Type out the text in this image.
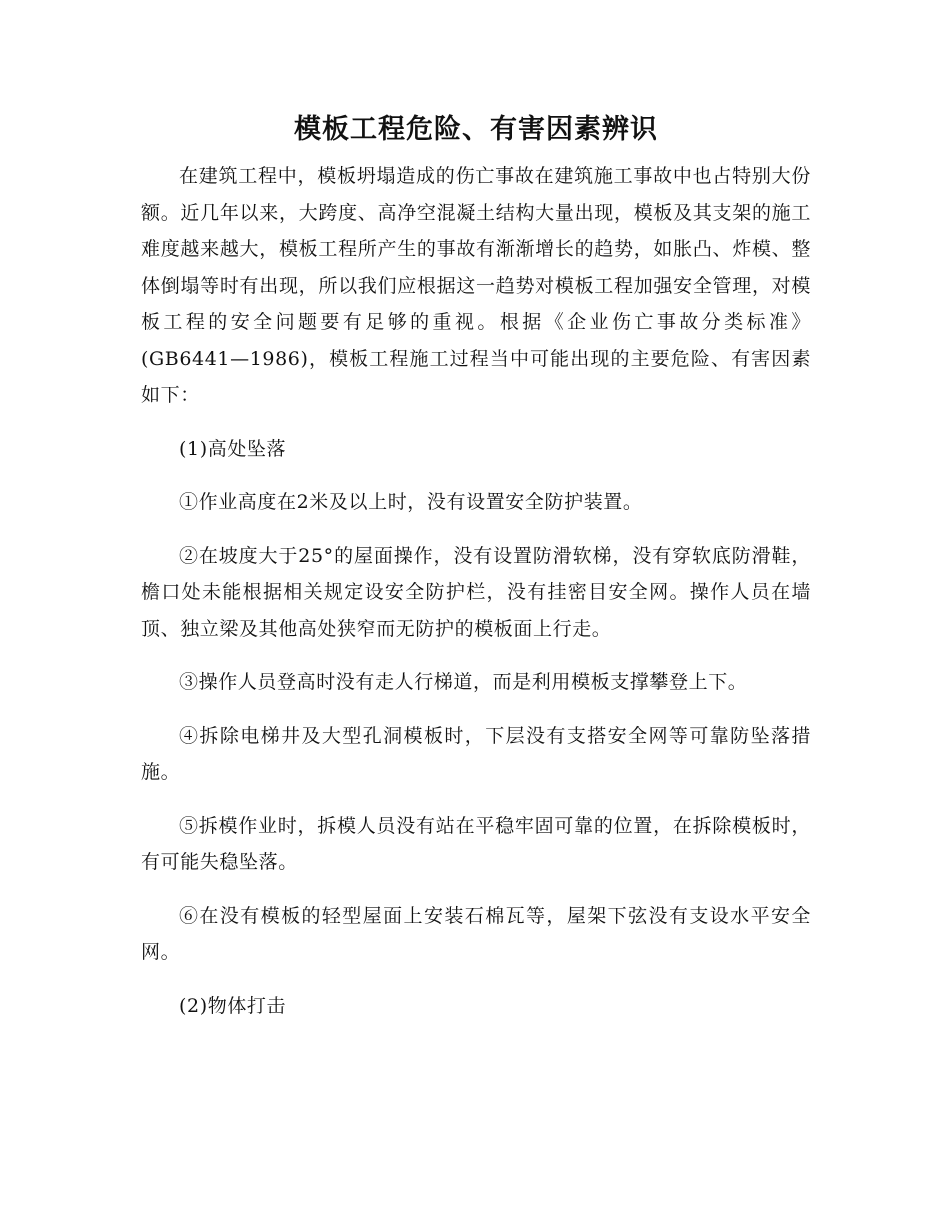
模板工程危险、有害因素辨识

在建筑工程中，模板坍塌造成的伤亡事故在建筑施工事故中也占特别大份额。近几年以来，大跨度、高净空混凝土结构大量出现，模板及其支架的施工难度越来越大，模板工程所产生的事故有渐渐增长的趋势，如胀凸、炸模、整体倒塌等时有出现，所以我们应根据这一趋势对模板工程加强安全管理，对模板工程的安全问题要有足够的重视。根据《企业伤亡事故分类标准》(GB6441—1986)，模板工程施工过程当中可能出现的主要危险、有害因素如下：

(1)高处坠落

①作业高度在2米及以上时，没有设置安全防护装置。

②在坡度大于25°的屋面操作，没有设置防滑软梯，没有穿软底防滑鞋，檐口处未能根据相关规定设安全防护栏，没有挂密目安全网。操作人员在墙顶、独立梁及其他高处狭窄而无防护的模板面上行走。

③操作人员登高时没有走人行梯道，而是利用模板支撑攀登上下。

④拆除电梯井及大型孔洞模板时，下层没有支搭安全网等可靠防坠落措施。

⑤拆模作业时，拆模人员没有站在平稳牢固可靠的位置，在拆除模板时，有可能失稳坠落。

⑥在没有模板的轻型屋面上安装石棉瓦等，屋架下弦没有支设水平安全网。

(2)物体打击
